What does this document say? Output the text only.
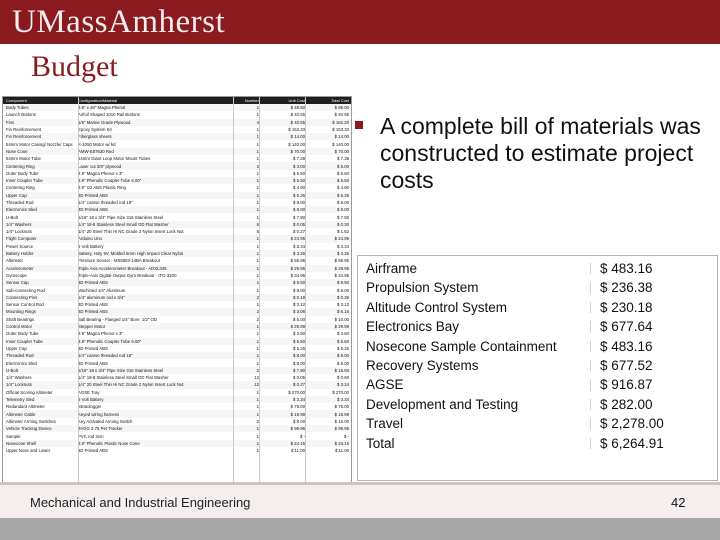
UMassAmherst
Budget
Component	Configuration/Material	Number	Unit Cost	Total Cost
Body Tubes	3.9" x 48" Magna Phenol	1	$ 48.50	$ 88.00
Launch Buttons	Airfoil Shaped 1010 Rail Buttons	1	$ 40.55	$ 40.55
Fins	1/8" Marine Grade Plywood	4	$ 40.55	$ 162.20
Fin Reinforcement	Epoxy System Kit	1	$ 153.33	$ 153.33
Fin Reinforcement	Fiberglass sheets	1	$ 14.00	$ 14.00
54mm Motor Casing/ Nozzle/ Caps	K-1050 Motor w/ hd	1	$ 140.00	$ 140.00
Nose Cone	AMW-E87630 Red	1	$ 70.00	$ 70.00
54mm Motor Tube	54mm Giant Loop Motor Mount Tubes	1	$ 7.38	$ 7.38
Centering Ring	Laser cut 3/8" plywood	2	$ 3.00	$ 6.00
Outer Body Tube	3.9" Magna Phenol x 3"	1	$ 5.50	$ 5.50
Inner Coupler Tube	3.9" Phenolic Coupler Tube 6.00"	1	$ 5.50	$ 5.50
Centering Ring	3.9" G2 ABS Plastic Ring	1	$ 4.90	$ 4.90
Upper Cap	3D Printed ABS	1	$ 5.25	$ 5.25
Threaded Rod	1/4" coarse threaded rod 18"	1	$ 8.00	$ 8.00
Electronics Sled	3D Printed ABS	1	$ 8.00	$ 8.00
U-Bolt	5/16" 18 x 3/4" Pipe Size 316 Stainless Steel	1	$ 7.80	$ 7.80
1/4" Washers	1/4" 18-8 Stainless Steel Small OD Flat Washer	6	$ 0.05	$ 0.30
1/4" Locknuts	1/4" 20 Steel Thin Hi NC Grade 2 Nylon Insert Lock Nut	6	$ 0.27	$ 1.62
Flight Computer	Arduino Uno	1	$ 24.95	$ 24.95
Power Source	9 Volt Battery	1	$ 3.34	$ 3.34
Battery Holder	Battery, Holy 9V, Molded 6mm High Impact Clear Nylon	1	$ 3.26	$ 3.26
Altimeter	Pressure Sensor - MS5803-14BA Breakout	1	$ 59.95	$ 59.95
Accelerometer	Triple Axis Accelerometer Breakout - ADXL345	1	$ 29.95	$ 29.95
Gyroscope	Triple-Axis Digital-Output Gyro Breakout - ITG-3200	1	$ 34.95	$ 34.95
Sensor Cap	3D Printed ABS	1	$ 9.50	$ 9.50
Sub-connecting Rod	Machined 1/4" Aluminum	1	$ 8.00	$ 8.00
Connecting Pins	1/4" aluminum rod x 3/4"	2	$ 0.18	$ 0.36
Sensor Control Rod	3D Printed ABS	1	$ 3.12	$ 3.12
Mounting Rings	3D Printed ABS	2	$ 3.08	$ 6.16
Shaft Bearings	Ball Bearing - Flanged 1/4" Bore, 1/2" OD	2	$ 5.00	$ 10.00
Control Motor	Stepper Motor	1	$ 29.99	$ 29.99
Outer Body Tube	3.9" Magna Phenol x 3"	1	$ 3.50	$ 3.50
Inner Coupler Tube	3.9" Phenolic Coupler Tube 6.00"	1	$ 5.50	$ 5.50
Upper Cap	3D Printed ABS	1	$ 5.25	$ 5.25
Threaded Rod	1/4" coarse threaded rod 18"	1	$ 8.00	$ 8.00
Electronics Sled	3D Printed ABS	1	$ 8.00	$ 8.00
U-Bolt	5/16" 18 x 3/4" Pipe Size 316 Stainless Steel	2	$ 7.80	$ 15.60
1/4" Washers	1/4" 18-8 Stainless Steel Small OD Flat Washer	12	$ 0.05	$ 0.60
1/4" Locknuts	1/4" 20 Steel Thin Hi NC Grade 2 Nylon Insert Lock Nut	12	$ 0.27	$ 3.24
Official Scoring Altimeter	AGSE Tray	1	$ 270.00	$ 270.00
Telemetry Sled	9 Volt Battery	1	$ 3.34	$ 3.34
Redundant Altimeter	Stratologger	1	$ 75.00	$ 75.00
Altimeter Cable	Keyed wiring harness	1	$ 19.99	$ 19.99
Altimeter Arming Switches	Key Activated Arming Switch	2	$ 8.00	$ 16.00
Vehicle Tracking Device	TAGG 2.75 Pet Tracker	1	$ 99.95	$ 99.95
Sample	PVC rod 3cm	1	$ -	$ -
Nosecone Shell	3.9" Phenolic Plastic Nose Cone	1	$ 24.15	$ 24.15
Upper Nose and Lower	3D Printed ABS	1	$ 11.00	$ 11.00
A complete bill of materials was constructed to estimate project costs
Airframe	$ 483.16
Propulsion System	$ 236.38
Altitude Control System	$ 230.18
Electronics Bay	$ 677.64
Nosecone Sample Containment	$ 483.16
Recovery Systems	$ 677.52
AGSE	$ 916.87
Development and Testing	$ 282.00
Travel	$ 2,278.00
Total	$ 6,264.91
Mechanical and Industrial Engineering	42
